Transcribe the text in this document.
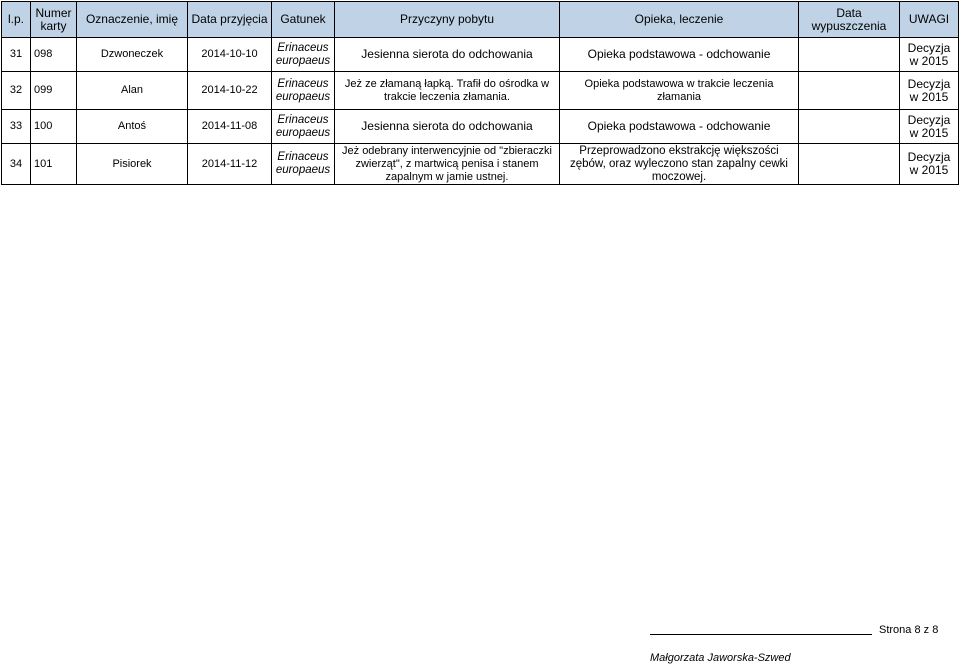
l.p.	Numer karty	Oznaczenie, imię	Data przyjęcia	Gatunek	Przyczyny pobytu	Opieka, leczenie	Data wypuszczenia	UWAGI
31	098	Dzwoneczek	2014-10-10	Erinaceus europaeus	Jesienna sierota do odchowania	Opieka podstawowa - odchowanie		Decyzja w 2015
32	099	Alan	2014-10-22	Erinaceus europaeus	Jeż ze złamaną łapką. Trafił do ośrodka w trakcie leczenia złamania.	Opieka podstawowa w trakcie leczenia złamania		Decyzja w 2015
33	100	Antoś	2014-11-08	Erinaceus europaeus	Jesienna sierota do odchowania	Opieka podstawowa - odchowanie		Decyzja w 2015
34	101	Pisiorek	2014-11-12	Erinaceus europaeus	Jeż odebrany interwencyjnie od "zbieraczki zwierząt", z martwicą penisa i stanem zapalnym w jamie ustnej.	Przeprowadzono ekstrakcję większości zębów, oraz wyleczono stan zapalny cewki moczowej.		Decyzja w 2015
Strona 8 z 8
Małgorzata Jaworska-Szwed
